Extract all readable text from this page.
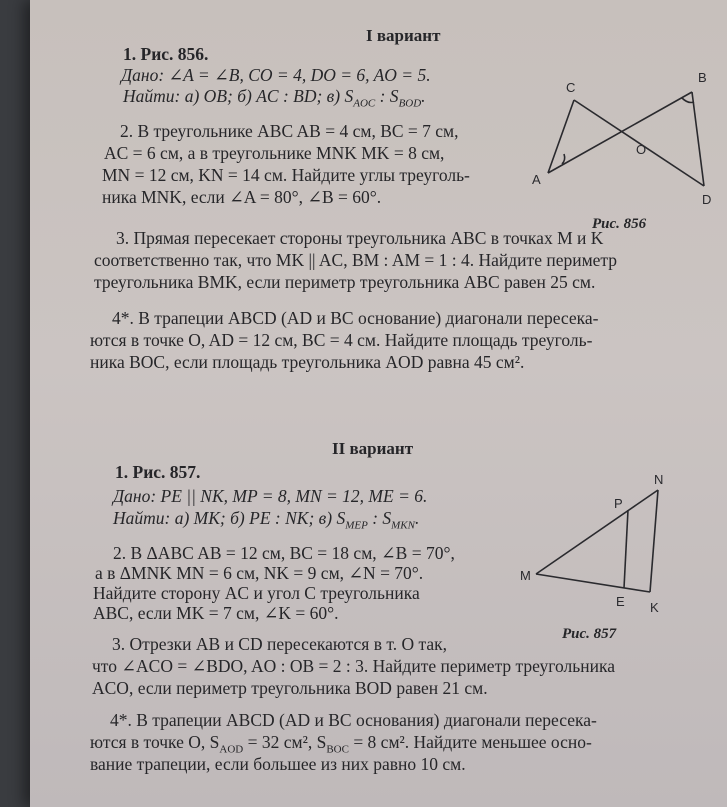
I вариант
1. Рис. 856.
Дано: ∠A = ∠B, CO = 4, DO = 6, AO = 5.
Найти: а) OB; б) AC : BD; в) $S_{AOC}$ : $S_{BOD}$.
2. В треугольнике ABC AB = 4 см, BC = 7 см,
AC = 6 см, а в треугольнике MNK MK = 8 см,
MN = 12 см, KN = 14 см. Найдите углы треуголь-
ника MNK, если ∠A = 80°, ∠B = 60°.
3. Прямая пересекает стороны треугольника ABC в точках M и K
соответственно так, что MK || AC, BM : AM = 1 : 4. Найдите периметр
треугольника BMK, если периметр треугольника ABC равен 25 см.
4*. В трапеции ABCD (AD и BC основание) диагонали пересека-
ются в точке O, AD = 12 см, BC = 4 см. Найдите площадь треуголь-
ника BOC, если площадь треугольника AOD равна 45 см².
C
B
O
A
D
Рис. 856
II вариант
1. Рис. 857.
Дано: PE || NK, MP = 8, MN = 12, ME = 6.
Найти: а) MK; б) PE : NK; в) $S_{MEP}$ : $S_{MKN}$.
2. В ΔABC AB = 12 см, BC = 18 см, ∠B = 70°,
а в ΔMNK MN = 6 см, NK = 9 см, ∠N = 70°.
Найдите сторону AC и угол C треугольника
ABC, если MK = 7 см, ∠K = 60°.
3. Отрезки AB и CD пересекаются в т. O так,
что ∠ACO = ∠BDO, AO : OB = 2 : 3. Найдите периметр треугольника
ACO, если периметр треугольника BOD равен 21 см.
4*. В трапеции ABCD (AD и BC основания) диагонали пересека-
ются в точке O, $S_{AOD} = 32$ см², $S_{BOC} = 8$ см². Найдите меньшее осно-
вание трапеции, если большее из них равно 10 см.
N
P
M
E K
Рис. 857
